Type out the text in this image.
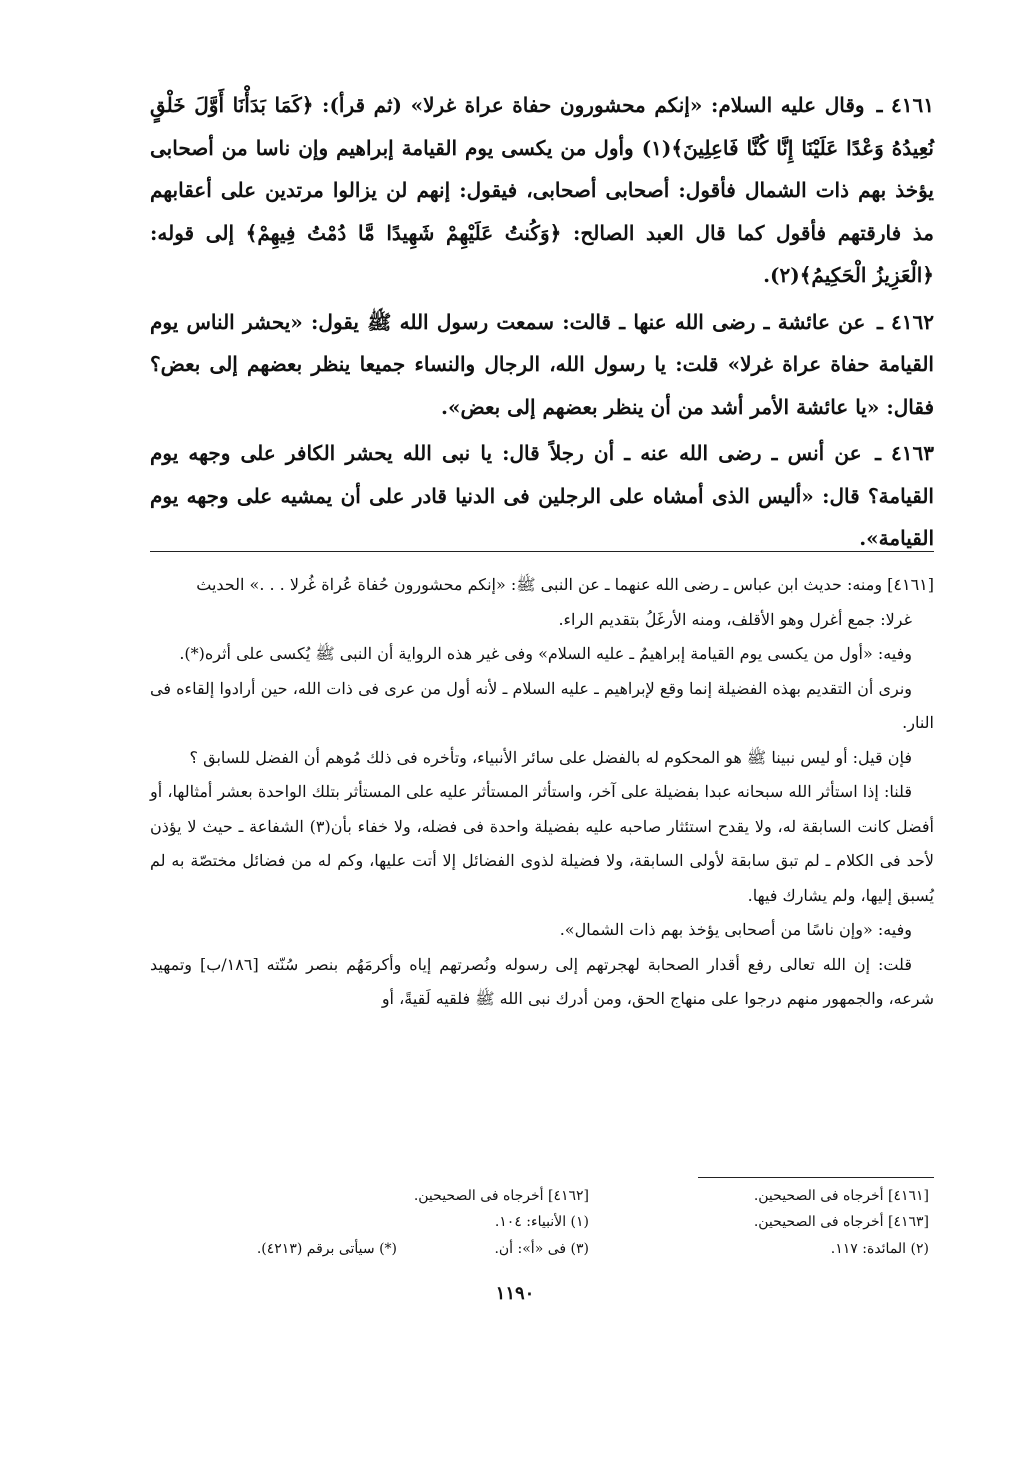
٤١٦١ ـ وقال عليه السلام: «إنكم محشورون حفاة عراة غرلا» (ثم قرأ): ﴿كَمَا بَدَأْنَا أَوَّلَ خَلْقٍ نُعِيدُهُ وَعْدًا عَلَيْنَا إِنَّا كُنَّا فَاعِلِينَ﴾(١) وأول من يكسى يوم القيامة إبراهيم وإن ناسا من أصحابى يؤخذ بهم ذات الشمال فأقول: أصحابى أصحابى، فيقول: إنهم لن يزالوا مرتدين على أعقابهم مذ فارقتهم فأقول كما قال العبد الصالح: ﴿وَكُنتُ عَلَيْهِمْ شَهِيدًا مَّا دُمْتُ فِيهِمْ﴾ إلى قوله: ﴿الْعَزِيزُ الْحَكِيمُ﴾(٢).

٤١٦٢ ـ عن عائشة ـ رضى الله عنها ـ قالت: سمعت رسول الله ﷺ يقول: «يحشر الناس يوم القيامة حفاة عراة غرلا» قلت: يا رسول الله، الرجال والنساء جميعا ينظر بعضهم إلى بعض؟ فقال: «يا عائشة الأمر أشد من أن ينظر بعضهم إلى بعض».

٤١٦٣ ـ عن أنس ـ رضى الله عنه ـ أن رجلاً قال: يا نبى الله يحشر الكافر على وجهه يوم القيامة؟ قال: «أليس الذى أمشاه على الرجلين فى الدنيا قادر على أن يمشيه على وجهه يوم القيامة».

[٤١٦١] ومنه: حديث ابن عباس ـ رضى الله عنهما ـ عن النبى ﷺ: «إنكم محشورون حُفاة عُراة غُرلا . . .» الحديث

غرلا: جمع أغرل وهو الأقلف، ومنه الأرغَلُ بتقديم الراء.

وفيه: «أول من يكسى يوم القيامة إبراهيمُ ـ عليه السلام» وفى غير هذه الرواية أن النبى ﷺ يُكسى على أثره(*).

ونرى أن التقديم بهذه الفضيلة إنما وقع لإبراهيم ـ عليه السلام ـ لأنه أول من عرى فى ذات الله، حين أرادوا إلقاءه فى النار.

فإن قيل: أو ليس نبينا ﷺ هو المحكوم له بالفضل على سائر الأنبياء، وتأخره فى ذلك مُوهم أن الفضل للسابق ؟

قلنا: إذا استأثر الله سبحانه عبدا بفضيلة على آخر، واستأثر المستأثر عليه على المستأثر بتلك الواحدة بعشر أمثالها، أو أفضل كانت السابقة له، ولا يقدح استئثار صاحبه عليه بفضيلة واحدة فى فضله، ولا خفاء بأن(٣) الشفاعة ـ حيث لا يؤذن لأحد فى الكلام ـ لم تبق سابقة لأولى السابقة، ولا فضيلة لذوى الفضائل إلا أتت عليها، وكم له من فضائل مختصّة به لم يُسبق إليها، ولم يشارك فيها.

وفيه: «وإن ناسًا من أصحابى يؤخذ بهم ذات الشمال».

قلت: إن الله تعالى رفع أقدار الصحابة لهجرتهم إلى رسوله ونُصرتهم إياه وأكرمَهُم بنصر سُنّته [١٨٦/ب] وتمهيد شرعه، والجمهور منهم درجوا على منهاج الحق، ومن أدرك نبى الله ﷺ فلقيه لَقيةً، أو

[٤١٦١] أخرجاه فى الصحيحين.
[٤١٦٢] أخرجاه فى الصحيحين.
[٤١٦٣] أخرجاه فى الصحيحين.
(١) الأنبياء: ١٠٤.
(٢) المائدة: ١١٧.
(٣) فى «أ»: أن.
(*) سيأتى برقم (٤٢١٣).
١١٩٠
